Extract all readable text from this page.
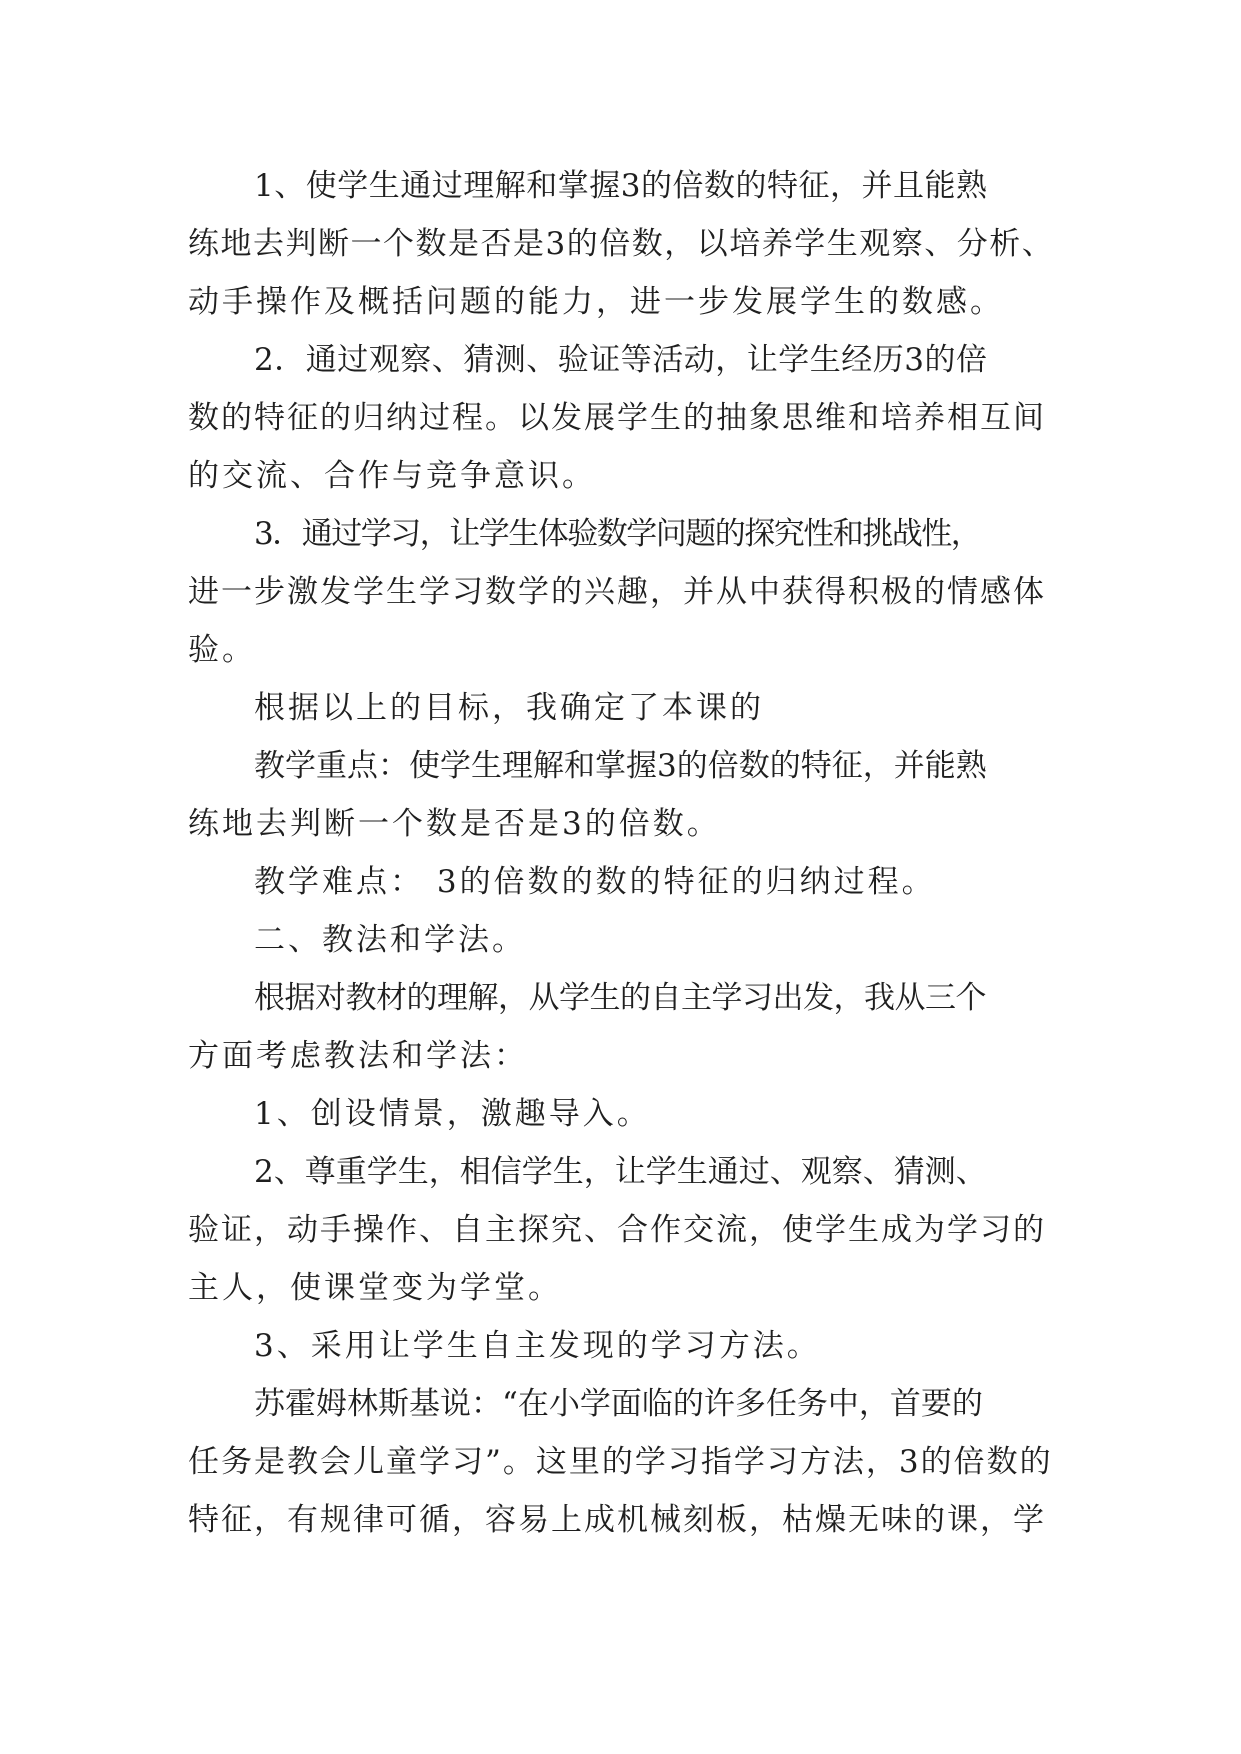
1、使学生通过理解和掌握3的倍数的特征，并且能熟
练地去判断一个数是否是3的倍数，以培养学生观察、分析、
动手操作及概括问题的能力，进一步发展学生的数感。

2．通过观察、猜测、验证等活动，让学生经历3的倍
数的特征的归纳过程。以发展学生的抽象思维和培养相互间
的交流、合作与竞争意识。

3．通过学习，让学生体验数学问题的探究性和挑战性，
进一步激发学生学习数学的兴趣，并从中获得积极的情感体
验。

根据以上的目标，我确定了本课的

教学重点：使学生理解和掌握3的倍数的特征，并能熟
练地去判断一个数是否是3的倍数。

教学难点： 3的倍数的数的特征的归纳过程。

二、教法和学法。

根据对教材的理解，从学生的自主学习出发，我从三个
方面考虑教法和学法：

1、创设情景，激趣导入。

2、尊重学生，相信学生，让学生通过、观察、猜测、
验证，动手操作、自主探究、合作交流，使学生成为学习的
主人，使课堂变为学堂。

3、采用让学生自主发现的学习方法。

苏霍姆林斯基说：“在小学面临的许多任务中，首要的
任务是教会儿童学习”。这里的学习指学习方法，3的倍数的
特征，有规律可循，容易上成机械刻板，枯燥无味的课，学
